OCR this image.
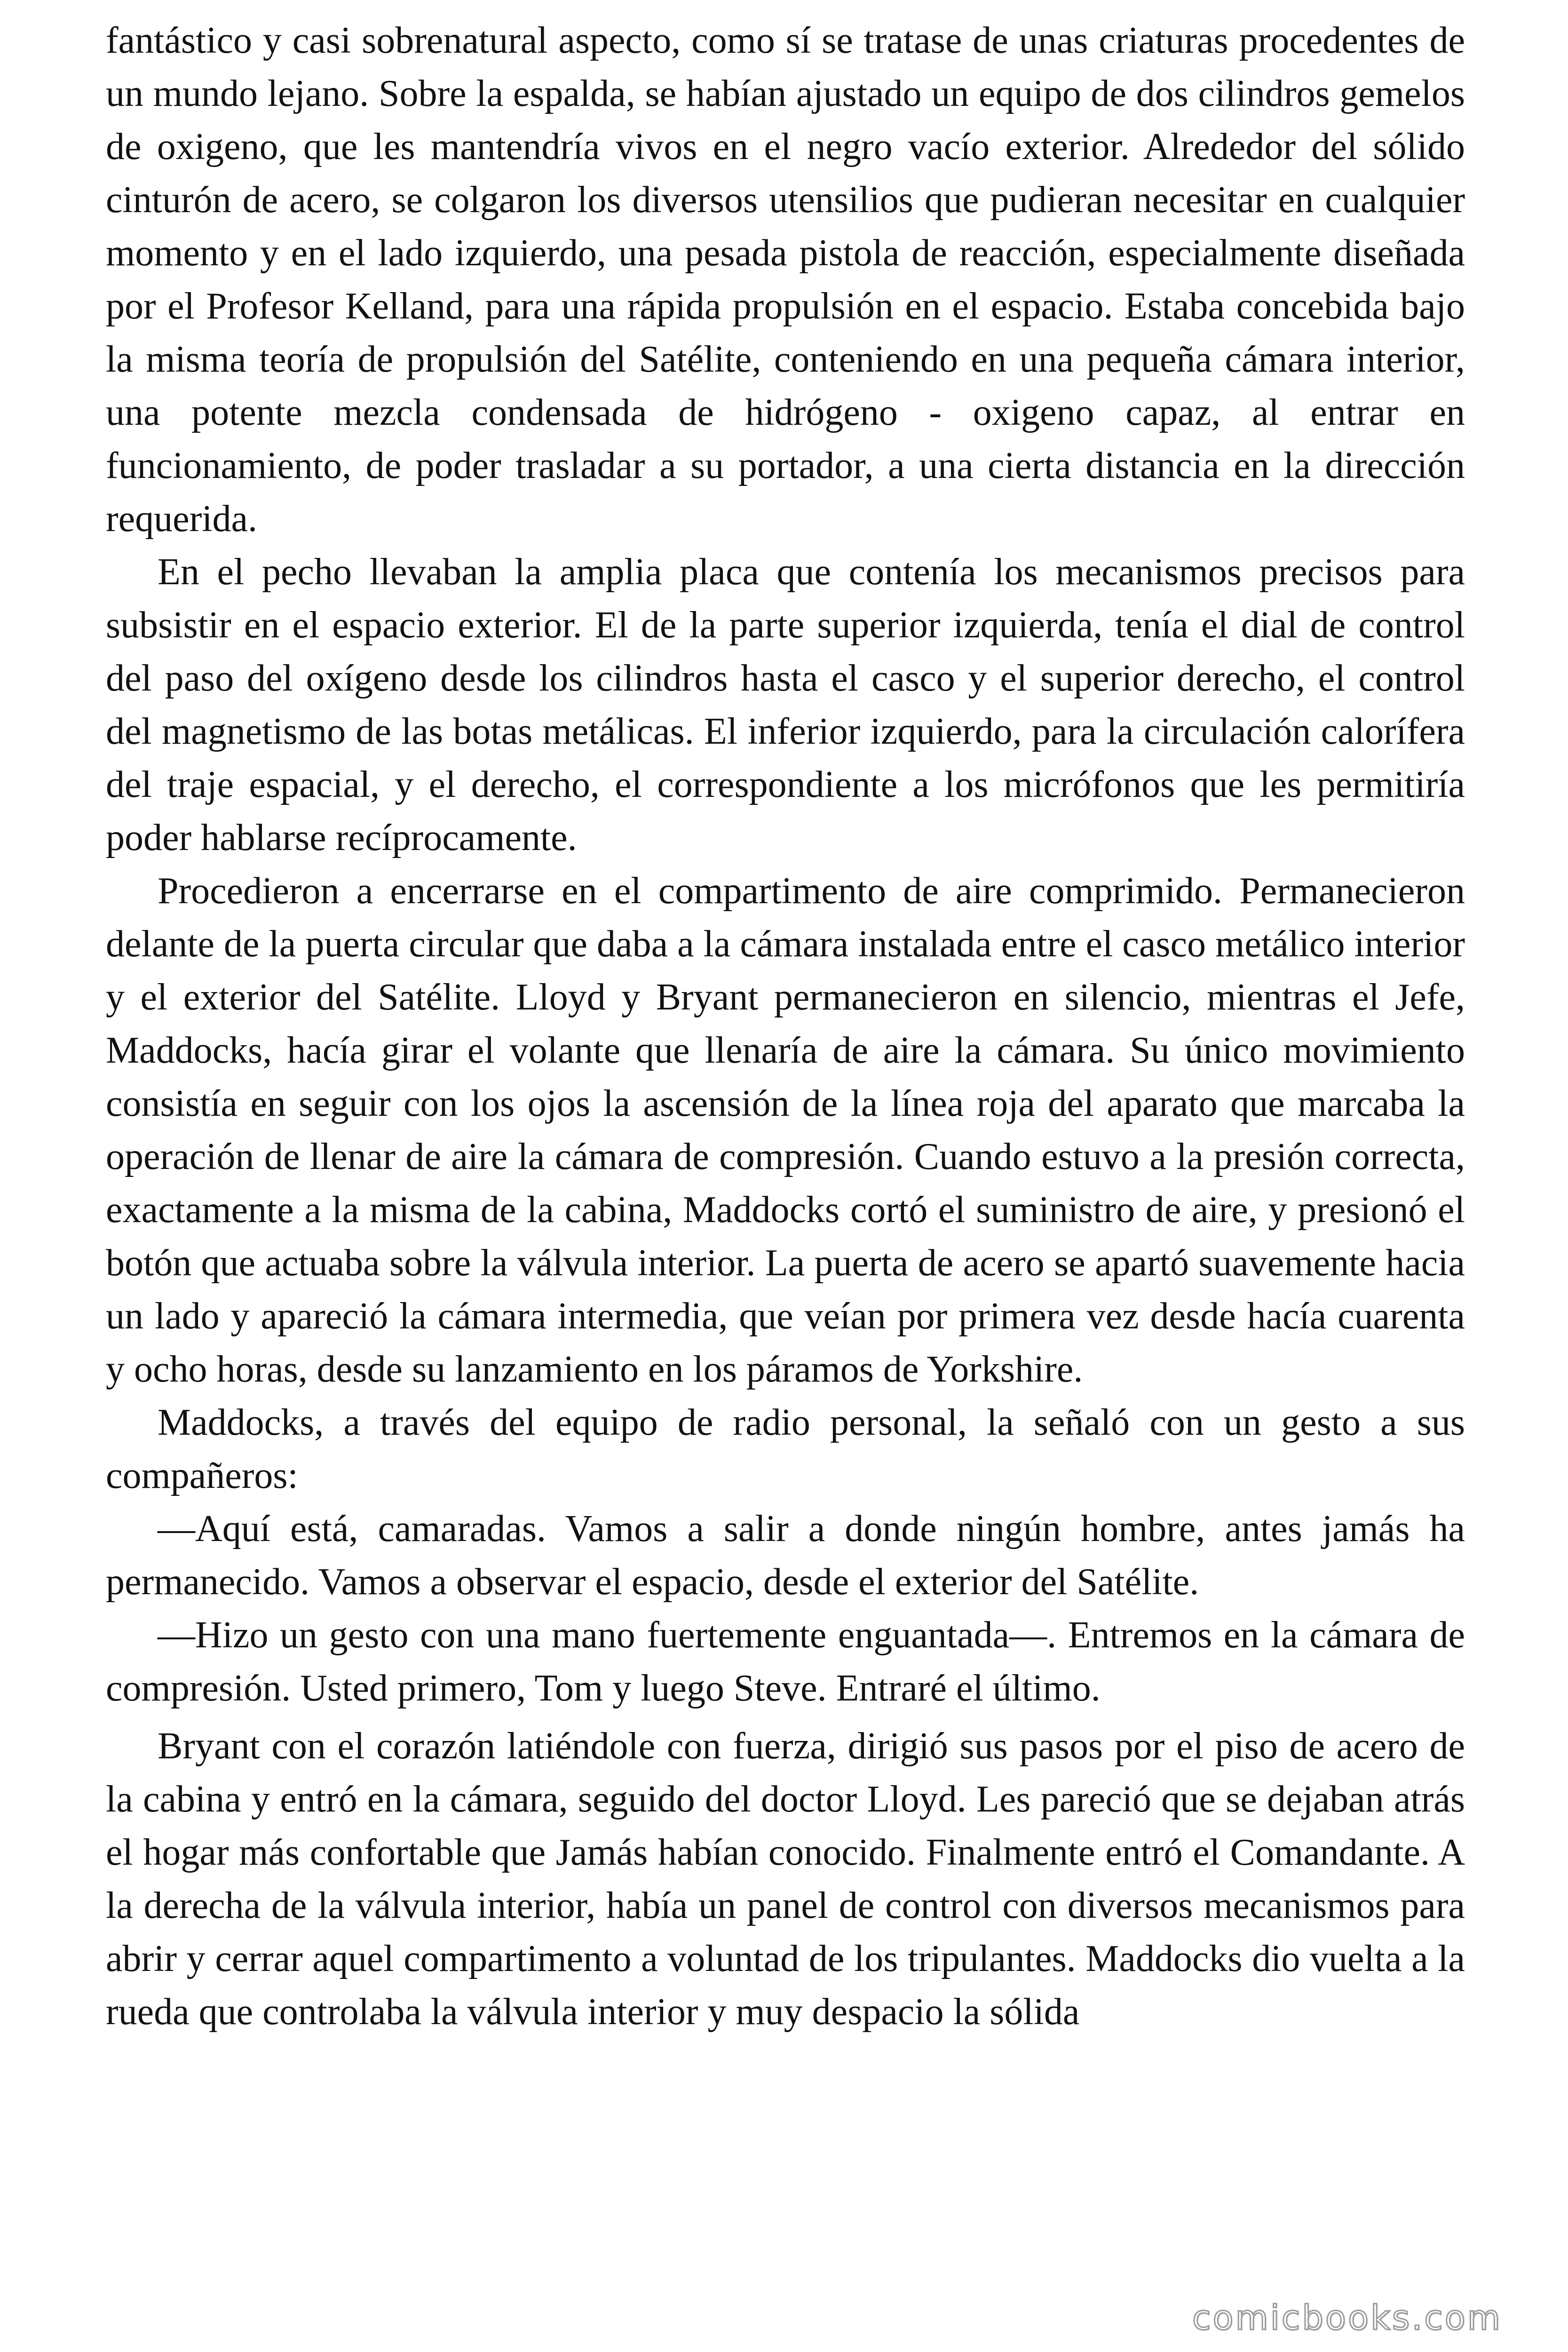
fantástico y casi sobrenatural aspecto, como sí se tratase de unas criaturas procedentes de un mundo lejano. Sobre la espalda, se habían ajustado un equipo de dos cilindros gemelos de oxigeno, que les mantendría vivos en el negro vacío exterior. Alrededor del sólido cinturón de acero, se colgaron los diversos utensilios que pudieran necesitar en cualquier momento y en el lado izquierdo, una pesada pistola de reacción, especialmente diseñada por el Profesor Kelland, para una rápida propulsión en el espacio. Estaba concebida bajo la misma teoría de propulsión del Satélite, conteniendo en una pequeña cámara interior, una potente mezcla condensada de hidrógeno - oxigeno capaz, al entrar en funcionamiento, de poder trasladar a su portador, a una cierta distancia en la dirección requerida.

En el pecho llevaban la amplia placa que contenía los mecanismos precisos para subsistir en el espacio exterior. El de la parte superior izquierda, tenía el dial de control del paso del oxígeno desde los cilindros hasta el casco y el superior derecho, el control del magnetismo de las botas metálicas. El inferior izquierdo, para la circulación calorífera del traje espacial, y el derecho, el correspondiente a los micrófonos que les permitiría poder hablarse recíprocamente.

Procedieron a encerrarse en el compartimento de aire comprimido. Permanecieron delante de la puerta circular que daba a la cámara instalada entre el casco metálico interior y el exterior del Satélite. Lloyd y Bryant permanecieron en silencio, mientras el Jefe, Maddocks, hacía girar el volante que llenaría de aire la cámara. Su único movimiento consistía en seguir con los ojos la ascensión de la línea roja del aparato que marcaba la operación de llenar de aire la cámara de compresión. Cuando estuvo a la presión correcta, exactamente a la misma de la cabina, Maddocks cortó el suministro de aire, y presionó el botón que actuaba sobre la válvula interior. La puerta de acero se apartó suavemente hacia un lado y apareció la cámara intermedia, que veían por primera vez desde hacía cuarenta y ocho horas, desde su lanzamiento en los páramos de Yorkshire.

Maddocks, a través del equipo de radio personal, la señaló con un gesto a sus compañeros:

—Aquí está, camaradas. Vamos a salir a donde ningún hombre, antes jamás ha permanecido. Vamos a observar el espacio, desde el exterior del Satélite.

—Hizo un gesto con una mano fuertemente enguantada—. Entremos en la cámara de compresión. Usted primero, Tom y luego Steve. Entraré el último.

Bryant con el corazón latiéndole con fuerza, dirigió sus pasos por el piso de acero de la cabina y entró en la cámara, seguido del doctor Lloyd. Les pareció que se dejaban atrás el hogar más confortable que Jamás habían conocido. Finalmente entró el Comandante. A la derecha de la válvula interior, había un panel de control con diversos mecanismos para abrir y cerrar aquel compartimento a voluntad de los tripulantes. Maddocks dio vuelta a la rueda que controlaba la válvula interior y muy despacio la sólida

comicbooks.com
